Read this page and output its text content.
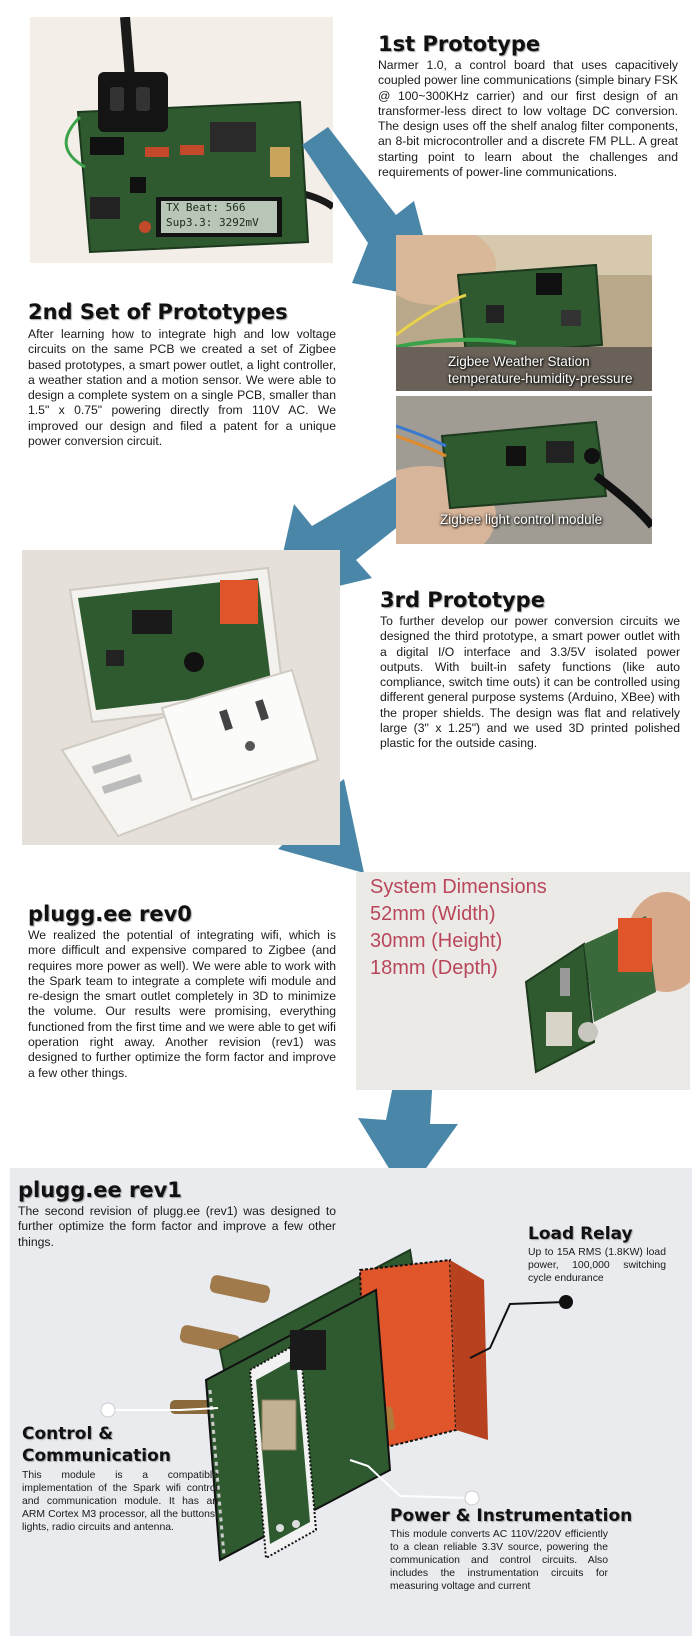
TX Beat: 566
Sup3.3: 3292mV
1st Prototype

Narmer 1.0, a control board that uses capacitively coupled power line communications (simple binary FSK @ 100~300KHz carrier) and our first design of an transformer-less direct to low voltage DC conversion. The design uses off the shelf analog filter components, an 8-bit microcontroller and a discrete FM PLL. A great starting point to learn about the challenges and requirements of power-line communications.

Zigbee Weather Station
temperature-humidity-pressure
Zigbee light control module
2nd Set of Prototypes

After learning how to integrate high and low voltage circuits on the same PCB we created a set of Zigbee based prototypes, a smart power outlet, a light controller, a weather station and a motion sensor. We were able to design a complete system on a single PCB, smaller than 1.5" x 0.75" powering directly from 110V AC. We improved our design and filed a patent for a unique power conversion circuit.

3rd Prototype

To further develop our power conversion circuits we designed the third prototype, a smart power outlet with a digital I/O interface and 3.3/5V isolated power outputs. With built-in safety functions (like auto compliance, switch time outs) it can be controlled using different general purpose systems (Arduino, XBee) with the proper shields. The design was flat and relatively large (3" x 1.25") and we used 3D printed polished plastic for the outside casing.

System Dimensions
52mm (Width)
30mm (Height)
18mm (Depth)
plugg.ee rev0

We realized the potential of integrating wifi, which is more difficult and expensive compared to Zigbee (and requires more power as well). We were able to work with the Spark team to integrate a complete wifi module and re-design the smart outlet completely in 3D to minimize the volume. Our results were promising, everything functioned from the first time and we were able to get wifi operation right away. Another revision (rev1) was designed to further optimize the form factor and improve a few other things.

plugg.ee rev1

The second revision of plugg.ee (rev1) was designed to further optimize the form factor and improve a few other things.	Load Relay

Up to 15A RMS (1.8KW) load power, 100,000 switching cycle endurance

Control &
Communication

This module is a compatible implementation of the Spark wifi control and communication module. It has an ARM Cortex M3 processor, all the buttons, lights, radio circuits and antenna.

Power & Instrumentation

This module converts AC 110V/220V efficiently to a clean reliable 3.3V source, powering the communication and control circuits. Also includes the instrumentation circuits for measuring voltage and current
